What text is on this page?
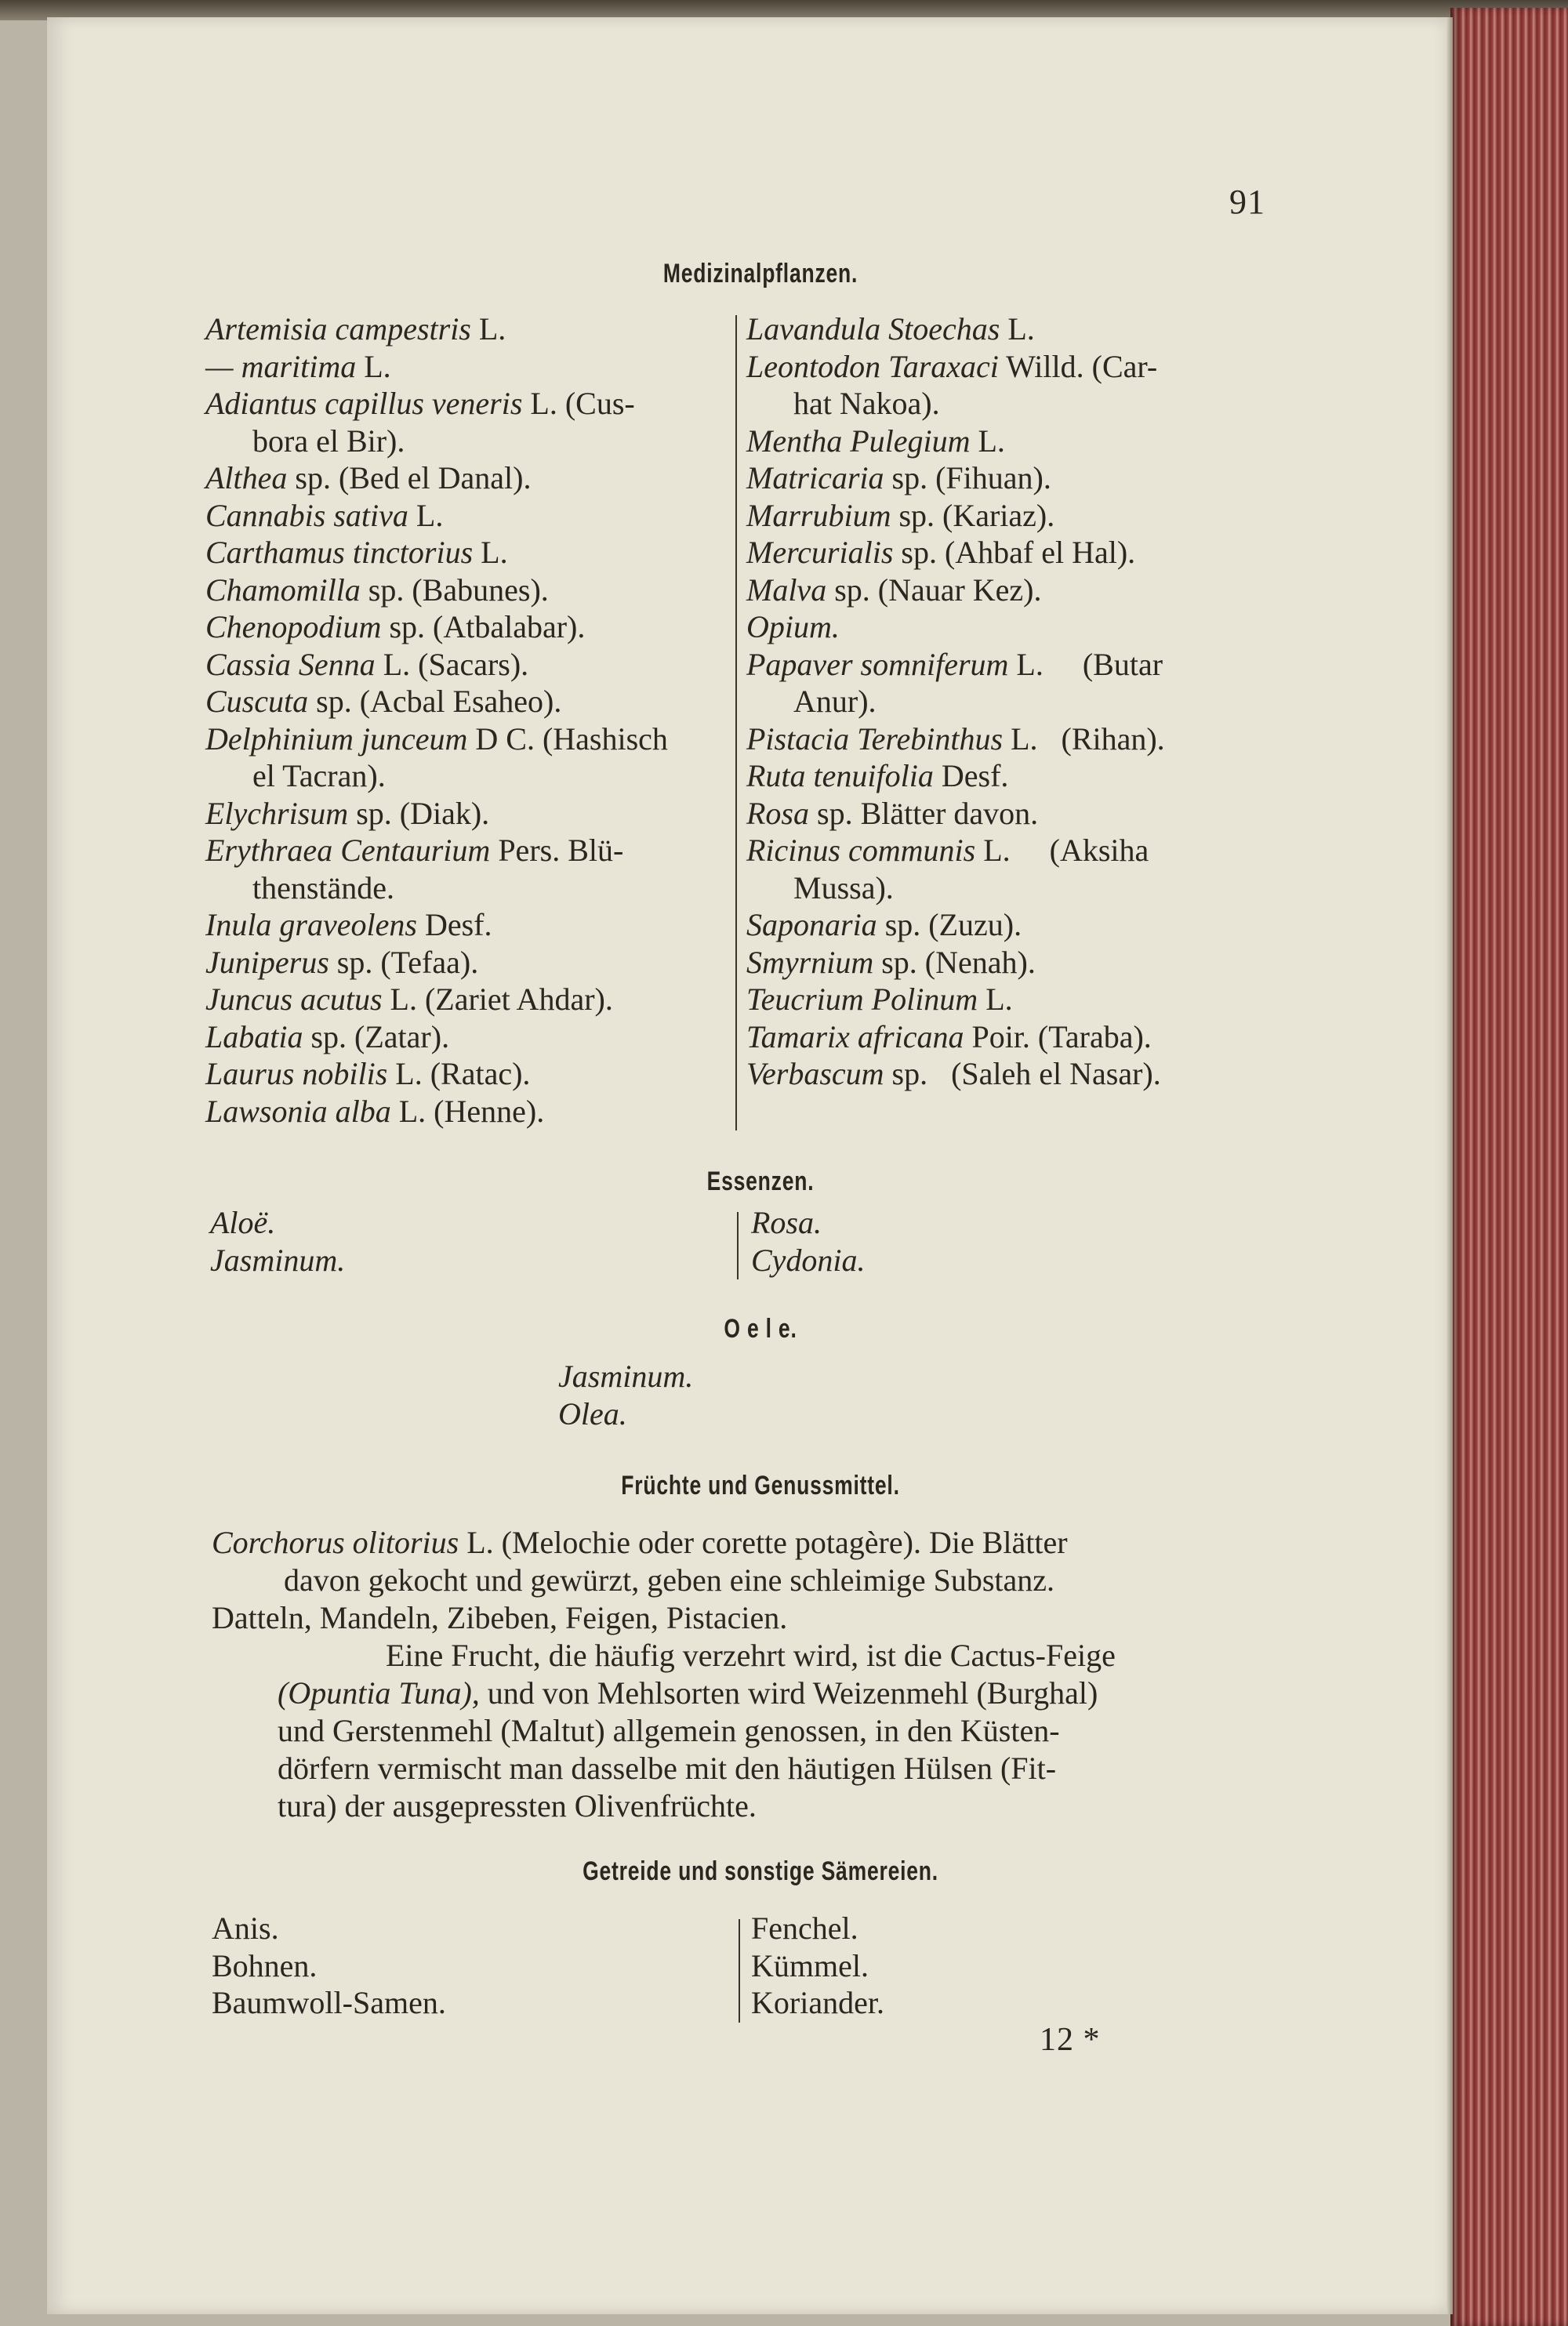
91
Medizinalpflanzen.
Artemisia campestris L.
— maritima L.
Adiantus capillus veneris L. (Cus-
bora el Bir).
Althea sp. (Bed el Danal).
Cannabis sativa L.
Carthamus tinctorius L.
Chamomilla sp. (Babunes).
Chenopodium sp. (Atbalabar).
Cassia Senna L. (Sacars).
Cuscuta sp. (Acbal Esaheo).
Delphinium junceum D C. (Hashisch
el Tacran).
Elychrisum sp. (Diak).
Erythraea Centaurium Pers. Blü-
thenstände.
Inula graveolens Desf.
Juniperus sp. (Tefaa).
Juncus acutus L. (Zariet Ahdar).
Labatia sp. (Zatar).
Laurus nobilis L. (Ratac).
Lawsonia alba L. (Henne).
Lavandula Stoechas L.
Leontodon Taraxaci Willd. (Car-
hat Nakoa).
Mentha Pulegium L.
Matricaria sp. (Fihuan).
Marrubium sp. (Kariaz).
Mercurialis sp. (Ahbaf el Hal).
Malva sp. (Nauar Kez).
Opium.
Papaver somniferum L.     (Butar
Anur).
Pistacia Terebinthus L.   (Rihan).
Ruta tenuifolia Desf.
Rosa sp. Blätter davon.
Ricinus communis L.     (Aksiha
Mussa).
Saponaria sp. (Zuzu).
Smyrnium sp. (Nenah).
Teucrium Polinum L.
Tamarix africana Poir. (Taraba).
Verbascum sp.   (Saleh el Nasar).
Essenzen.
Aloë.
Jasminum.
Rosa.
Cydonia.
O e l e.
Jasminum.
Olea.
Früchte und Genussmittel.
Corchorus olitorius L. (Melochie oder corette potagère). Die Blätter
davon gekocht und gewürzt, geben eine schleimige Substanz.
Datteln, Mandeln, Zibeben, Feigen, Pistacien.
Eine Frucht, die häufig verzehrt wird, ist die Cactus-Feige
(Opuntia Tuna), und von Mehlsorten wird Weizenmehl (Burghal)
und Gerstenmehl (Maltut) allgemein genossen, in den Küsten-
dörfern vermischt man dasselbe mit den häutigen Hülsen (Fit-
tura) der ausgepressten Olivenfrüchte.
Getreide und sonstige Sämereien.
Anis.
Bohnen.
Baumwoll-Samen.
Fenchel.
Kümmel.
Koriander.
12 *
